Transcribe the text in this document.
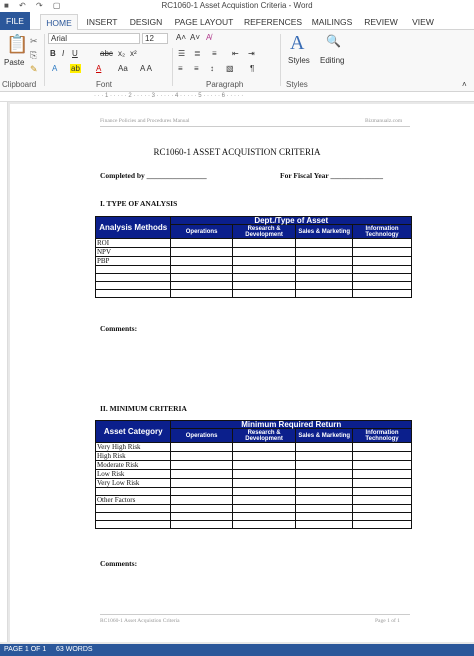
■ ↶ ↷ ▢	RC1060-1 Asset Acquistion Criteria - Word
FILE	HOME	INSERT DESIGN	PAGE LAYOUT	REFERENCES	MAILINGS	REVIEW	VIEW
📋
Paste
✂
⎘
✎
Clipboard
Arial	12	A˄ A˅ A̸
B I U	abc x₂ x²
A ab A Aa A A
Font
☰ ≣ ≡ ⇤ ⇥
≡ ≡ ↕ ▧ ¶
Paragraph
A
Styles
Styles
🔍
Editing
˄
· · · 1 · · · · · 2 · · · · · 3 · · · · · 4 · · · · · 5 · · · · · 6 · · · · ·
Finance Policies and Procedures Manual	Bizmanualz.com
RC1060-1 ASSET ACQUISTION CRITERIA
Completed by ________________	For Fiscal Year ______________
I. TYPE OF ANALYSIS
Analysis Methods	Dept./Type of Asset			
	Operations	Research & Development	Sales & Marketing	Information Technology
ROI				
NPV				
PBP				

Comments:
II. MINIMUM CRITERIA
Asset Category	Minimum Required Return			
	Operations	Research & Development	Sales & Marketing	Information Technology
Very High Risk				
High Risk				
Moderate Risk				
Low Risk				
Very Low Risk				

Other Factors				

Comments:
RC1060-1 Asset Acquistion Criteria	Page 1 of 1
PAGE 1 OF 1 63 WORDS
